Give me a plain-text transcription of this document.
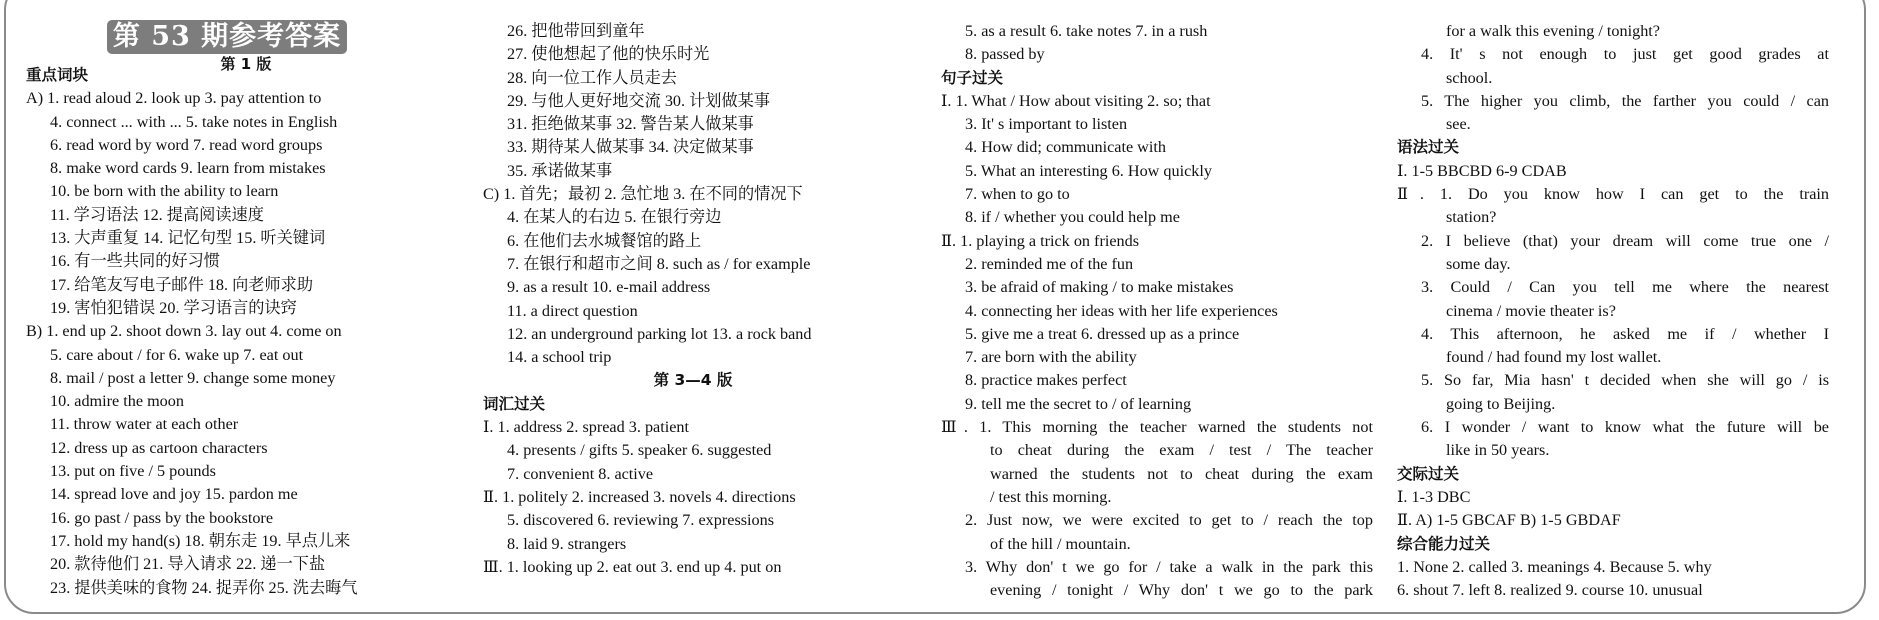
第 53 期参考答案
第 1 版
重点词块
A) 1. read aloud 2. look up 3. pay attention to
4. connect ... with ... 5. take notes in English
6. read word by word 7. read word groups
8. make word cards 9. learn from mistakes
10. be born with the ability to learn
11. 学习语法 12. 提高阅读速度
13. 大声重复 14. 记忆句型 15. 听关键词
16. 有一些共同的好习惯
17. 给笔友写电子邮件 18. 向老师求助
19. 害怕犯错误 20. 学习语言的诀窍
B) 1. end up 2. shoot down 3. lay out 4. come on
5. care about / for 6. wake up 7. eat out
8. mail / post a letter 9. change some money
10. admire the moon
11. throw water at each other
12. dress up as cartoon characters
13. put on five / 5 pounds
14. spread love and joy 15. pardon me
16. go past / pass by the bookstore
17. hold my hand(s) 18. 朝东走 19. 早点儿来
20. 款待他们 21. 导入请求 22. 递一下盐
23. 提供美味的食物 24. 捉弄你 25. 洗去晦气
26. 把他带回到童年
27. 使他想起了他的快乐时光
28. 向一位工作人员走去
29. 与他人更好地交流 30. 计划做某事
31. 拒绝做某事 32. 警告某人做某事
33. 期待某人做某事 34. 决定做某事
35. 承诺做某事
C) 1. 首先；最初 2. 急忙地 3. 在不同的情况下
4. 在某人的右边 5. 在银行旁边
6. 在他们去水城餐馆的路上
7. 在银行和超市之间 8. such as / for example
9. as a result 10. e-mail address
11. a direct question
12. an underground parking lot 13. a rock band
14. a school trip
第 3—4 版
词汇过关
Ⅰ. 1. address 2. spread 3. patient
4. presents / gifts 5. speaker 6. suggested
7. convenient 8. active
Ⅱ. 1. politely 2. increased 3. novels 4. directions
5. discovered 6. reviewing 7. expressions
8. laid 9. strangers
Ⅲ. 1. looking up 2. eat out 3. end up 4. put on
5. as a result 6. take notes 7. in a rush
8. passed by
句子过关
Ⅰ. 1. What / How about visiting 2. so; that
3. It' s important to listen
4. How did; communicate with
5. What an interesting 6. How quickly
7. when to go to
8. if / whether you could help me
Ⅱ. 1. playing a trick on friends
2. reminded me of the fun
3. be afraid of making / to make mistakes
4. connecting her ideas with her life experiences
5. give me a treat 6. dressed up as a prince
7. are born with the ability
8. practice makes perfect
9. tell me the secret to / of learning
Ⅲ. 1. This morning the teacher warned the students not
to cheat during the exam / test / The teacher
warned the students not to cheat during the exam
/ test this morning.
2. Just now, we were excited to get to / reach the top
of the hill / mountain.
3. Why don' t we go for / take a walk in the park this
evening / tonight / Why don' t we go to the park
for a walk this evening / tonight?
4. It' s not enough to just get good grades at
school.
5. The higher you climb, the farther you could / can
see.
语法过关
Ⅰ. 1-5 BBCBD 6-9 CDAB
Ⅱ. 1. Do you know how I can get to the train
station?
2. I believe (that) your dream will come true one /
some day.
3. Could / Can you tell me where the nearest
cinema / movie theater is?
4. This afternoon, he asked me if / whether I
found / had found my lost wallet.
5. So far, Mia hasn' t decided when she will go / is
going to Beijing.
6. I wonder / want to know what the future will be
like in 50 years.
交际过关
Ⅰ. 1-3 DBC
Ⅱ. A) 1-5 GBCAF B) 1-5 GBDAF
综合能力过关
1. None 2. called 3. meanings 4. Because 5. why
6. shout 7. left 8. realized 9. course 10. unusual
